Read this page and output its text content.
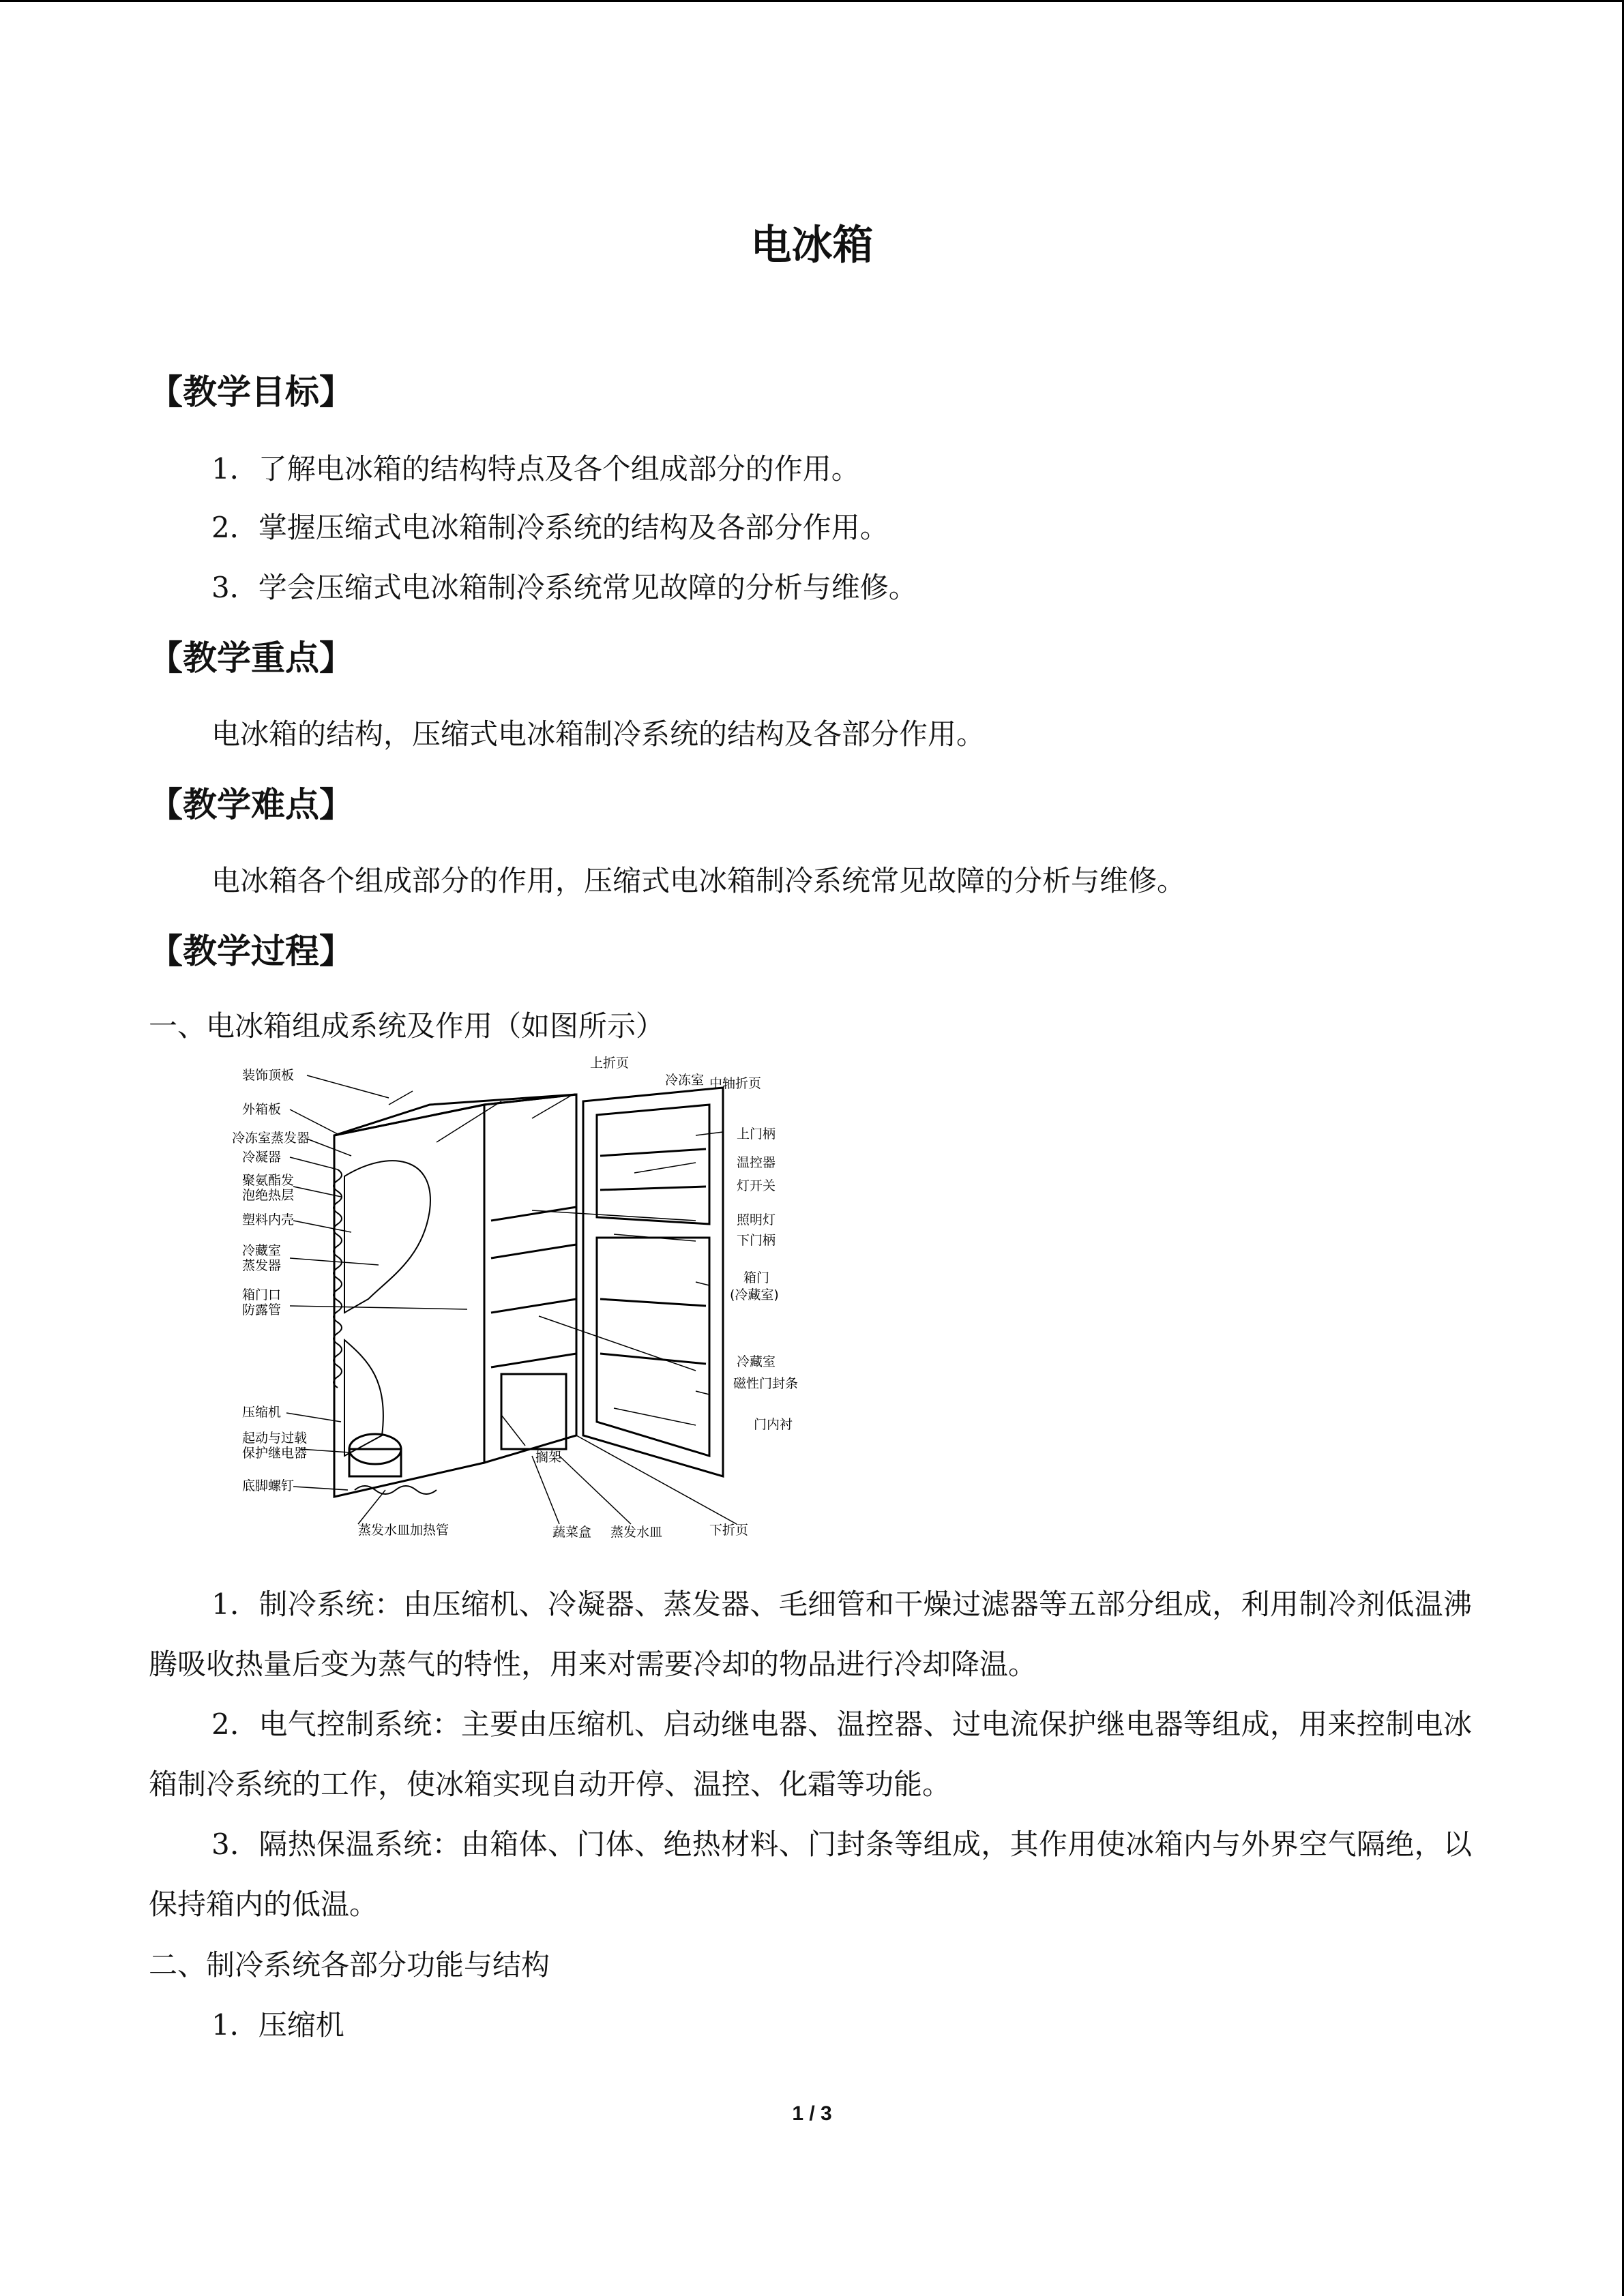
电冰箱
【教学目标】
1．了解电冰箱的结构特点及各个组成部分的作用。
2．掌握压缩式电冰箱制冷系统的结构及各部分作用。
3．学会压缩式电冰箱制冷系统常见故障的分析与维修。
【教学重点】
电冰箱的结构，压缩式电冰箱制冷系统的结构及各部分作用。
【教学难点】
电冰箱各个组成部分的作用，压缩式电冰箱制冷系统常见故障的分析与维修。
【教学过程】
一、电冰箱组成系统及作用（如图所示）
装饰顶板
外箱板
冷冻室蒸发器
冷凝器
聚氨酯发
泡绝热层
塑料内壳
冷藏室
蒸发器
箱门口
防露管
压缩机
起动与过载
保护继电器
底脚螺钉
上折页
冷冻室 中轴折页
上门柄
温控器
灯开关
照明灯
下门柄
箱门
(冷藏室)
冷藏室
磁性门封条
门内衬
蒸发水皿加热管
搁架
蔬菜盒 蒸发水皿	下折页
1．制冷系统：由压缩机、冷凝器、蒸发器、毛细管和干燥过滤器等五部分组成，利用制冷剂低温沸腾吸收热量后变为蒸气的特性，用来对需要冷却的物品进行冷却降温。
2．电气控制系统：主要由压缩机、启动继电器、温控器、过电流保护继电器等组成，用来控制电冰箱制冷系统的工作，使冰箱实现自动开停、温控、化霜等功能。
3．隔热保温系统：由箱体、门体、绝热材料、门封条等组成，其作用使冰箱内与外界空气隔绝，以保持箱内的低温。
二、制冷系统各部分功能与结构
1．压缩机
1 / 3
